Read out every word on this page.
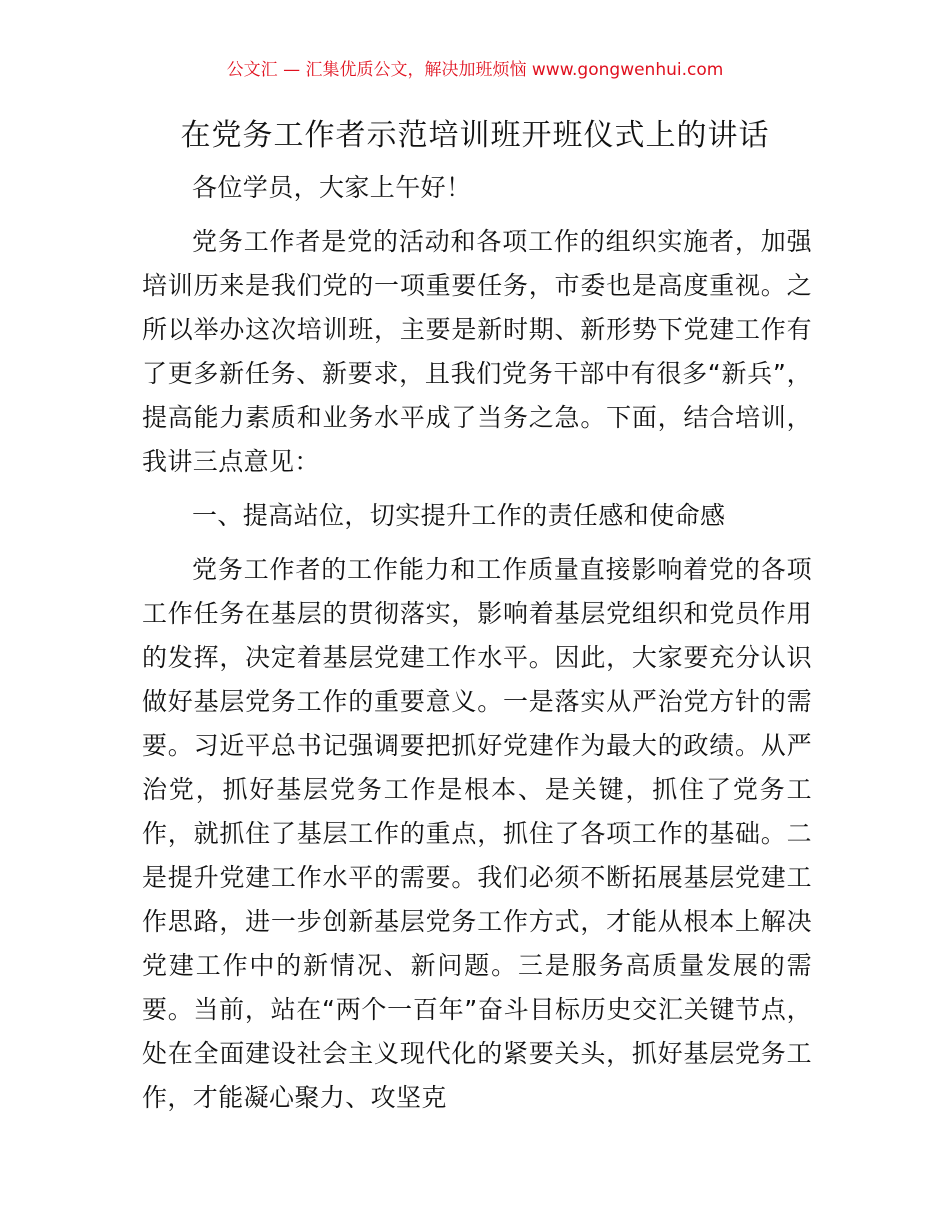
公文汇 — 汇集优质公文，解决加班烦恼 www.gongwenhui.com
在党务工作者示范培训班开班仪式上的讲话

各位学员，大家上午好！

党务工作者是党的活动和各项工作的组织实施者，加强培训历来是我们党的一项重要任务，市委也是高度重视。之所以举办这次培训班，主要是新时期、新形势下党建工作有了更多新任务、新要求，且我们党务干部中有很多“新兵”，提高能力素质和业务水平成了当务之急。下面，结合培训，我讲三点意见：

一、提高站位，切实提升工作的责任感和使命感

党务工作者的工作能力和工作质量直接影响着党的各项工作任务在基层的贯彻落实，影响着基层党组织和党员作用的发挥，决定着基层党建工作水平。因此，大家要充分认识做好基层党务工作的重要意义。一是落实从严治党方针的需要。习近平总书记强调要把抓好党建作为最大的政绩。从严治党，抓好基层党务工作是根本、是关键，抓住了党务工作，就抓住了基层工作的重点，抓住了各项工作的基础。二是提升党建工作水平的需要。我们必须不断拓展基层党建工作思路，进一步创新基层党务工作方式，才能从根本上解决党建工作中的新情况、新问题。三是服务高质量发展的需要。当前，站在“两个一百年”奋斗目标历史交汇关键节点，处在全面建设社会主义现代化的紧要关头，抓好基层党务工作，才能凝心聚力、攻坚克
